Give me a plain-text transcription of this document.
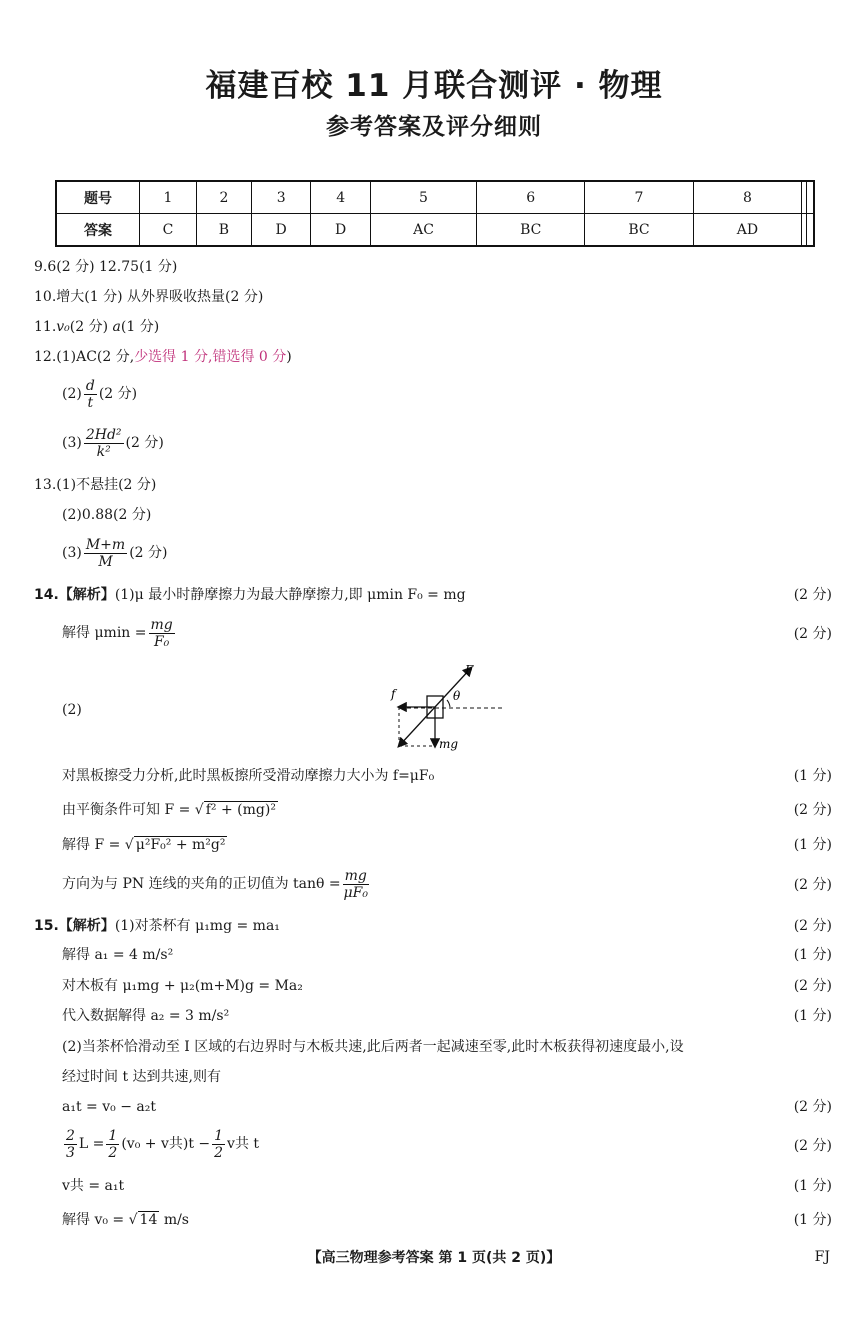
福建百校 11 月联合测评 · 物理
参考答案及评分细则
题号	1	2	3	4	5	6	7	8		
答案	C	B	D	D	AC	BC	BC	AD		
9.6(2 分) 12.75(1 分)
10.增大(1 分) 从外界吸收热量(2 分)
11.v₀(2 分) a(1 分)
12.(1)AC(2 分,少选得 1 分,错选得 0 分)
$(2) \frac{d}{t} (2$ 分)
$(3) \frac{\text{2Hd²}}{\text{k²}} (2$ 分)
13.(1)不悬挂(2 分)
(2)0.88(2 分)
$(3) \frac{M+m}{M} (2$ 分)
14.【解析】(1)μ 最小时静摩擦力为最大静摩擦力,即 μmin F₀ = mg	(2 分)
解得 $\mu\min = \frac{mg}{\text{F₀}}$	(2 分)
(2)
F
f	θ
mg
对黑板擦受力分析,此时黑板擦所受滑动摩擦力大小为 f=μF₀	(1 分)
由平衡条件可知 F = √ f² + (mg)²	(2 分)
解得 F = √ μ²F₀² + m²g²	(1 分)
方向为与 PN 连线的夹角的正切值为 $\tan\theta = \frac{mg}{\text{μF₀}}$	(2 分)
15.【解析】(1)对茶杯有 μ₁mg = ma₁	(2 分)
解得 a₁ = 4 m/s²	(1 分)
对木板有 μ₁mg + μ₂(m+M)g = Ma₂	(2 分)
代入数据解得 a₂ = 3 m/s²	(1 分)
(2)当茶杯恰滑动至 I 区域的右边界时与木板共速,此后两者一起减速至零,此时木板获得初速度最小,设
经过时间 t 达到共速,则有
a₁t = v₀ − a₂t	(2 分)
$\frac{2}{3}$ $L = \frac{1}{2} (v_0 + v$共)$t - \frac{1}{2}$ v共 t	(2 分)
v共 = a₁t	(1 分)
解得 v₀ = √ 14 m/s	(1 分)
【高三物理参考答案 第 1 页(共 2 页)】	FJ
